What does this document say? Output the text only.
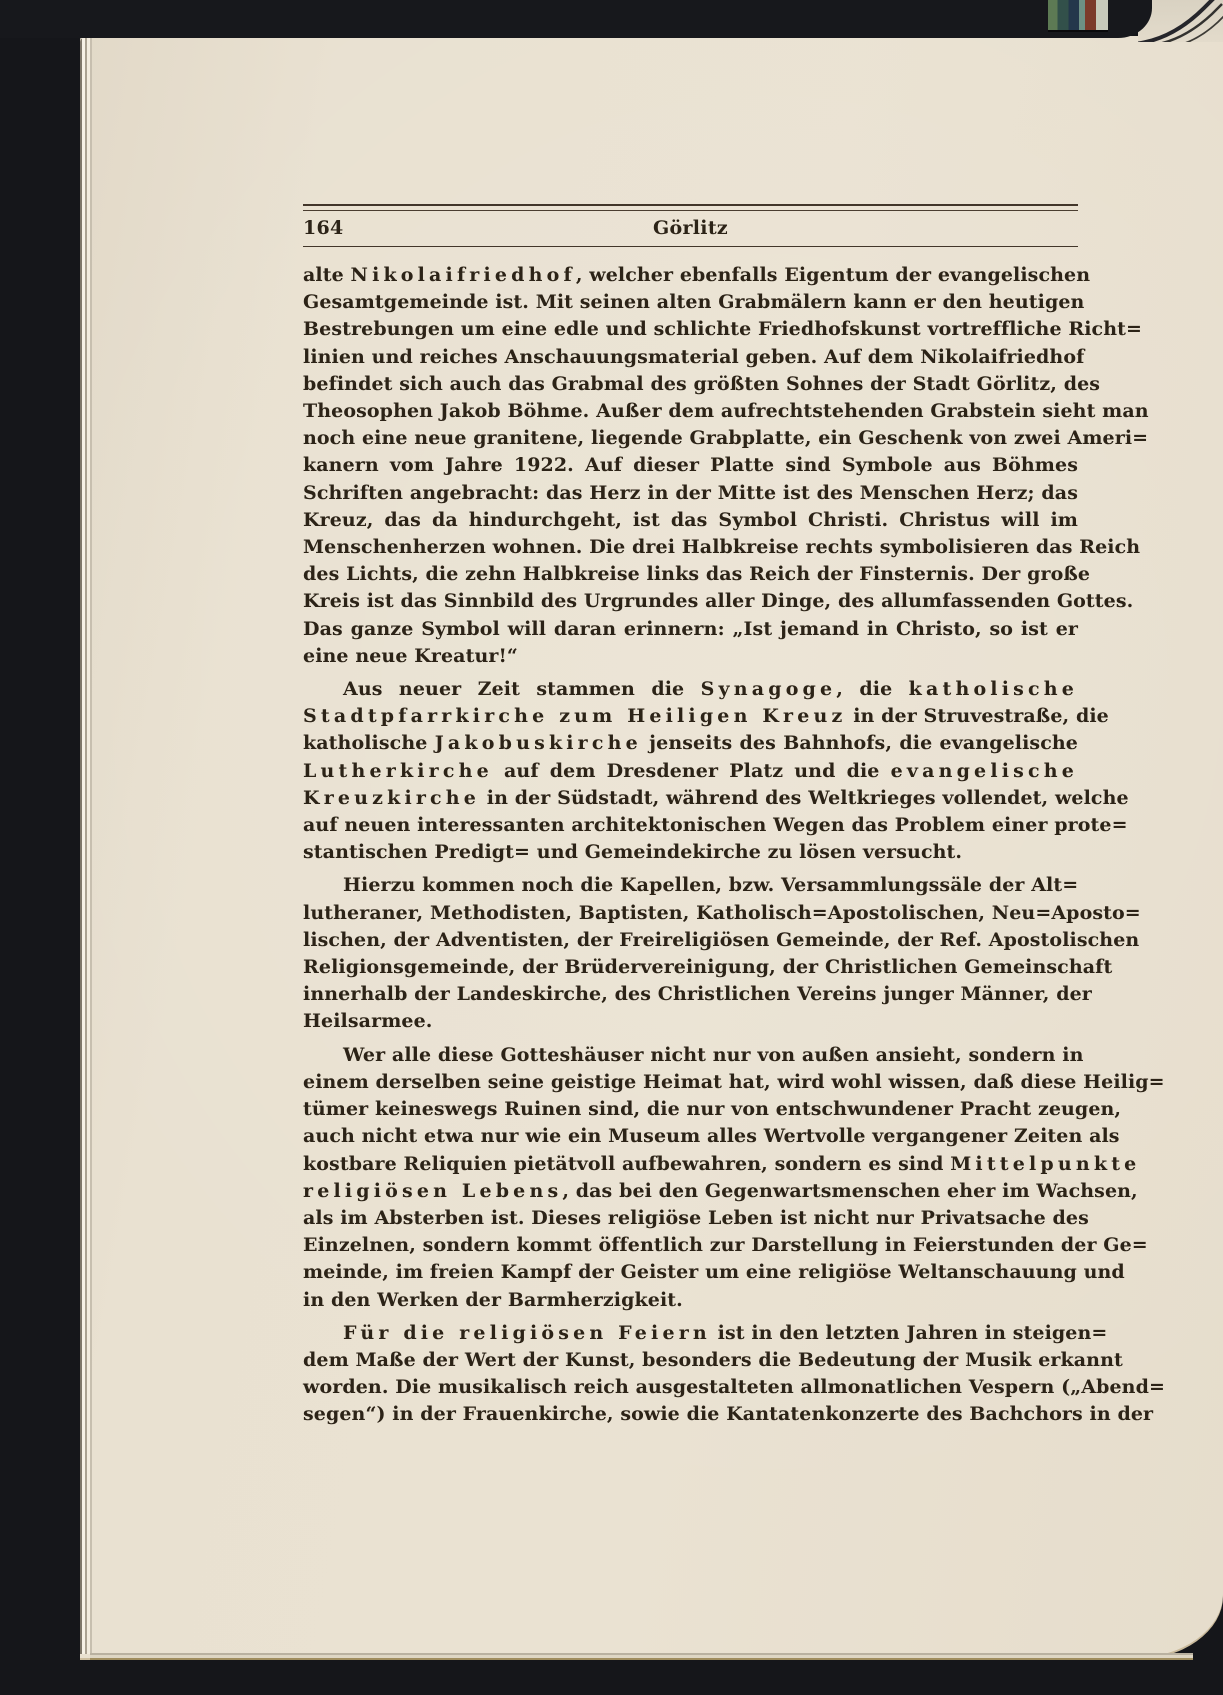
164	Görlitz
alte Nikolaifriedhof, welcher ebenfalls Eigentum der evangelischen
Gesamtgemeinde ist. Mit seinen alten Grabmälern kann er den heutigen
Bestrebungen um eine edle und schlichte Friedhofskunst vortreffliche Richt=
linien und reiches Anschauungsmaterial geben. Auf dem Nikolaifriedhof
befindet sich auch das Grabmal des größten Sohnes der Stadt Görlitz, des
Theosophen Jakob Böhme. Außer dem aufrechtstehenden Grabstein sieht man
noch eine neue granitene, liegende Grabplatte, ein Geschenk von zwei Ameri=
kanern vom Jahre 1922. Auf dieser Platte sind Symbole aus Böhmes
Schriften angebracht: das Herz in der Mitte ist des Menschen Herz; das
Kreuz, das da hindurchgeht, ist das Symbol Christi. Christus will im
Menschenherzen wohnen. Die drei Halbkreise rechts symbolisieren das Reich
des Lichts, die zehn Halbkreise links das Reich der Finsternis. Der große
Kreis ist das Sinnbild des Urgrundes aller Dinge, des allumfassenden Gottes.
Das ganze Symbol will daran erinnern: „Ist jemand in Christo, so ist er
eine neue Kreatur!“
Aus neuer Zeit stammen die Synagoge, die katholische
Stadtpfarrkirche zum Heiligen Kreuz in der Struvestraße, die
katholische Jakobuskirche jenseits des Bahnhofs, die evangelische
Lutherkirche auf dem Dresdener Platz und die evangelische
Kreuzkirche in der Südstadt, während des Weltkrieges vollendet, welche
auf neuen interessanten architektonischen Wegen das Problem einer prote=
stantischen Predigt= und Gemeindekirche zu lösen versucht.
Hierzu kommen noch die Kapellen, bzw. Versammlungssäle der Alt=
lutheraner, Methodisten, Baptisten, Katholisch=Apostolischen, Neu=Aposto=
lischen, der Adventisten, der Freireligiösen Gemeinde, der Ref. Apostolischen
Religionsgemeinde, der Brüdervereinigung, der Christlichen Gemeinschaft
innerhalb der Landeskirche, des Christlichen Vereins junger Männer, der
Heilsarmee.
Wer alle diese Gotteshäuser nicht nur von außen ansieht, sondern in
einem derselben seine geistige Heimat hat, wird wohl wissen, daß diese Heilig=
tümer keineswegs Ruinen sind, die nur von entschwundener Pracht zeugen,
auch nicht etwa nur wie ein Museum alles Wertvolle vergangener Zeiten als
kostbare Reliquien pietätvoll aufbewahren, sondern es sind Mittelpunkte
religiösen Lebens, das bei den Gegenwartsmenschen eher im Wachsen,
als im Absterben ist. Dieses religiöse Leben ist nicht nur Privatsache des
Einzelnen, sondern kommt öffentlich zur Darstellung in Feierstunden der Ge=
meinde, im freien Kampf der Geister um eine religiöse Weltanschauung und
in den Werken der Barmherzigkeit.
Für die religiösen Feiern ist in den letzten Jahren in steigen=
dem Maße der Wert der Kunst, besonders die Bedeutung der Musik erkannt
worden. Die musikalisch reich ausgestalteten allmonatlichen Vespern („Abend=
segen“) in der Frauenkirche, sowie die Kantatenkonzerte des Bachchors in der
